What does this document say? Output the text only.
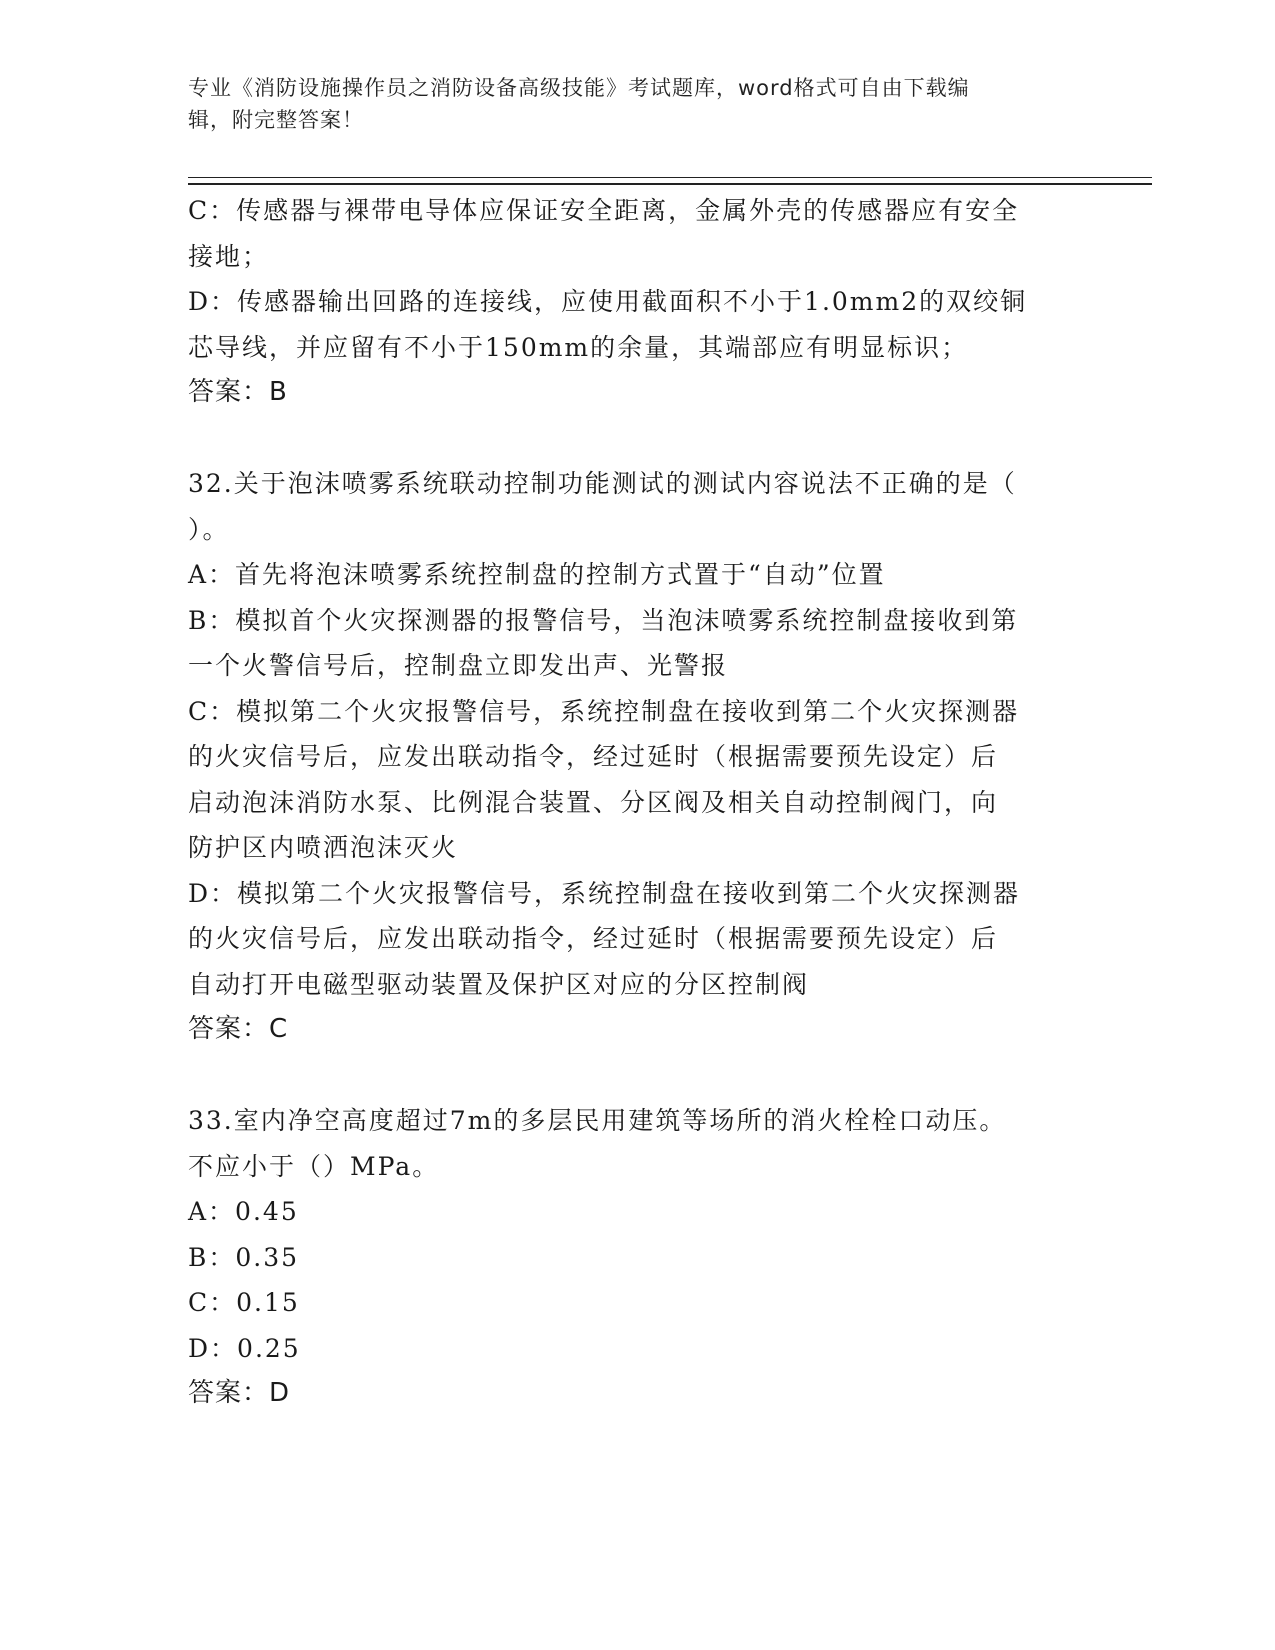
专业《消防设施操作员之消防设备高级技能》考试题库，word格式可自由下载编
辑，附完整答案！
C：传感器与裸带电导体应保证安全距离，金属外壳的传感器应有安全
接地；
D：传感器输出回路的连接线，应使用截面积不小于1.0mm2的双绞铜
芯导线，并应留有不小于150mm的余量，其端部应有明显标识；
答案：B
32.关于泡沫喷雾系统联动控制功能测试的测试内容说法不正确的是（
）。
A：首先将泡沫喷雾系统控制盘的控制方式置于“自动”位置
B：模拟首个火灾探测器的报警信号，当泡沫喷雾系统控制盘接收到第
一个火警信号后，控制盘立即发出声、光警报
C：模拟第二个火灾报警信号，系统控制盘在接收到第二个火灾探测器
的火灾信号后，应发出联动指令，经过延时（根据需要预先设定）后
启动泡沫消防水泵、比例混合装置、分区阀及相关自动控制阀门，向
防护区内喷洒泡沫灭火
D：模拟第二个火灾报警信号，系统控制盘在接收到第二个火灾探测器
的火灾信号后，应发出联动指令，经过延时（根据需要预先设定）后
自动打开电磁型驱动装置及保护区对应的分区控制阀
答案：C
33.室内净空高度超过7m的多层民用建筑等场所的消火栓栓口动压。
不应小于（）MPa。
A：0.45
B：0.35
C：0.15
D：0.25
答案：D
